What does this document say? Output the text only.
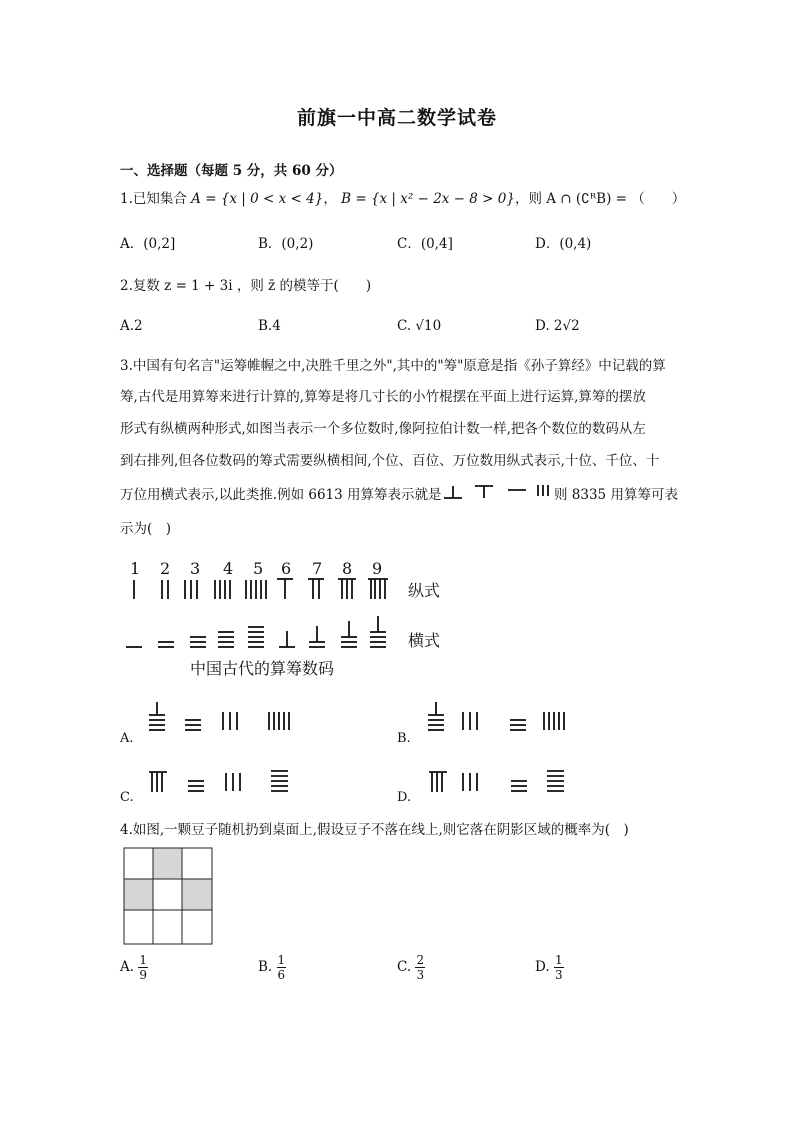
前旗一中高二数学试卷
一、选择题（每题 5 分，共 60 分）
1.已知集合 A = {x | 0 < x < 4}， B = {x | x² − 2x − 8 > 0}，则 A ∩ (∁ᴿB) = （　　）
A．(0,2]	B．(0,2)	C．(0,4]	D．(0,4)
2.复数 z = 1 + 3i ，则 z̄ 的模等于(　　)
A.2	B.4	C. √10	D. 2√2
3.中国有句名言"运筹帷幄之中,决胜千里之外",其中的"筹"原意是指《孙子算经》中记载的算
筹,古代是用算筹来进行计算的,算筹是将几寸长的小竹棍摆在平面上进行运算,算筹的摆放
形式有纵横两种形式,如图当表示一个多位数时,像阿拉伯计数一样,把各个数位的数码从左
到右排列,但各位数码的筹式需要纵横相间,个位、百位、万位数用纵式表示,十位、千位、十
万位用横式表示,以此类推.例如 6613 用算筹表示就是	则 8335 用算筹可表
示为(　)
1 2 3 4 5 6 7 8 9
纵式
横式
中国古代的算筹数码
A.	B.
C.	D.
4.如图,一颗豆子随机扔到桌面上,假设豆子不落在线上,则它落在阴影区域的概率为(　)
A. $\frac{1}{9}$	B. $\frac{1}{6}$	C. $\frac{2}{3}$	D. $\frac{1}{3}$
